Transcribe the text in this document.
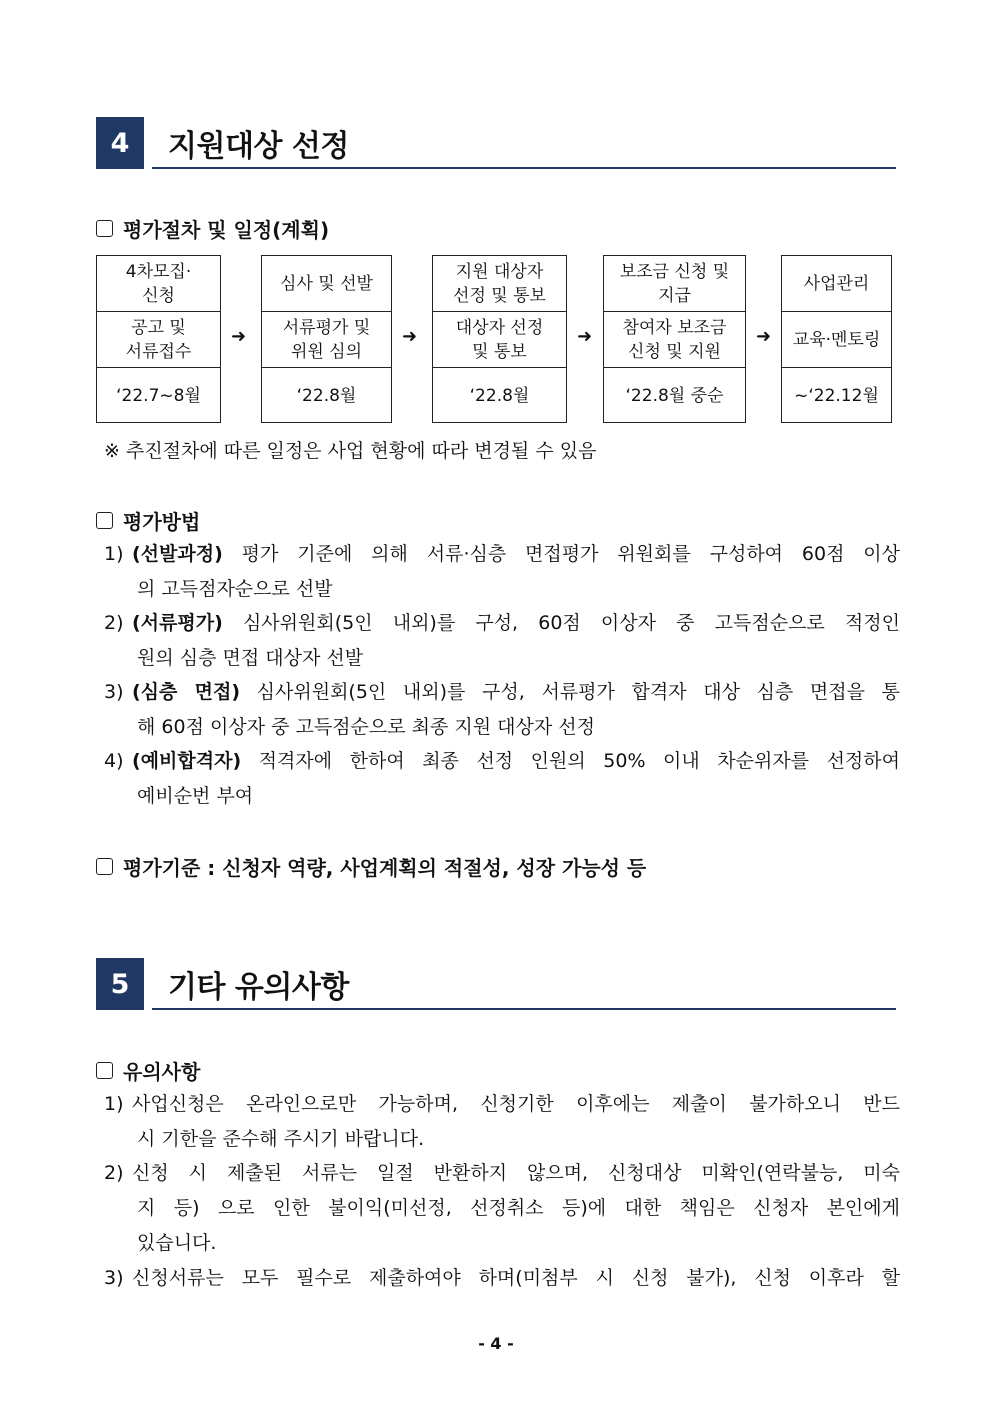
4	지원대상 선정
평가절차 및 일정(계획)
4차모집·
신청
공고 및
서류접수
‘22.7~8월
➜
심사 및 선발
서류평가 및
위원 심의
‘22.8월
➜
지원 대상자
선정 및 통보
대상자 선정
및 통보
‘22.8월
➜
보조금 신청 및
지급
참여자 보조금
신청 및 지원
‘22.8월 중순
➜
사업관리
교육·멘토링
~‘22.12월
※ 추진절차에 따른 일정은 사업 현황에 따라 변경될 수 있음
평가방법
1) (선발과정) 평가 기준에 의해 서류‧심층 면접평가 위원회를 구성하여 60점 이상
의 고득점자순으로 선발
2) (서류평가) 심사위원회(5인 내외)를 구성, 60점 이상자 중 고득점순으로 적정인
원의 심층 면접 대상자 선발
3) (심층 면접) 심사위원회(5인 내외)를 구성, 서류평가 합격자 대상 심층 면접을 통
해 60점 이상자 중 고득점순으로 최종 지원 대상자 선정
4) (예비합격자) 적격자에 한하여 최종 선정 인원의 50% 이내 차순위자를 선정하여
예비순번 부여
평가기준 : 신청자 역량, 사업계획의 적절성, 성장 가능성 등
5	기타 유의사항
유의사항
1) 사업신청은 온라인으로만 가능하며, 신청기한 이후에는 제출이 불가하오니 반드
시 기한을 준수해 주시기 바랍니다.
2) 신청 시 제출된 서류는 일절 반환하지 않으며, 신청대상 미확인(연락불능, 미숙
지 등) 으로 인한 불이익(미선정, 선정취소 등)에 대한 책임은 신청자 본인에게
있습니다.
3) 신청서류는 모두 필수로 제출하여야 하며(미첨부 시 신청 불가), 신청 이후라 할
- 4 -
